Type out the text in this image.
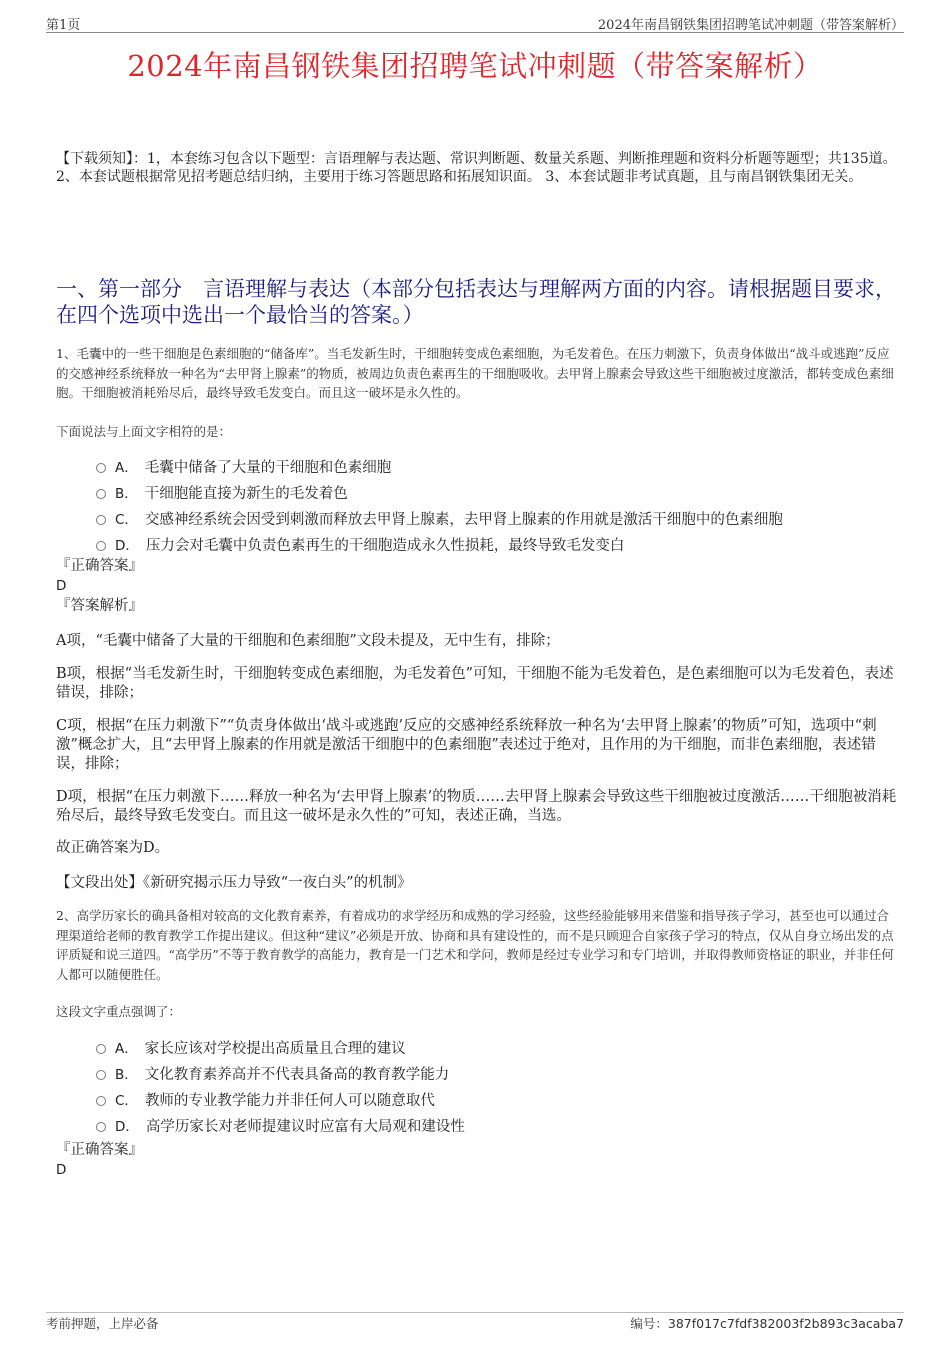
第1页	2024年南昌钢铁集团招聘笔试冲刺题（带答案解析）
2024年南昌钢铁集团招聘笔试冲刺题（带答案解析）
【下载须知】：1，本套练习包含以下题型：言语理解与表达题、常识判断题、数量关系题、判断推理题和资料分析题等题型；共135道。 2、本套试题根据常见招考题总结归纳，主要用于练习答题思路和拓展知识面。 3、本套试题非考试真题，且与南昌钢铁集团无关。
一、第一部分　言语理解与表达（本部分包括表达与理解两方面的内容。请根据题目要求，在四个选项中选出一个最恰当的答案。）
1、毛囊中的一些干细胞是色素细胞的“储备库”。当毛发新生时，干细胞转变成色素细胞，为毛发着色。在压力刺激下，负责身体做出“战斗或逃跑”反应的交感神经系统释放一种名为“去甲肾上腺素”的物质，被周边负责色素再生的干细胞吸收。去甲肾上腺素会导致这些干细胞被过度激活，都转变成色素细胞。干细胞被消耗殆尽后，最终导致毛发变白。而且这一破坏是永久性的。
下面说法与上面文字相符的是：
A． 毛囊中储备了大量的干细胞和色素细胞
B． 干细胞能直接为新生的毛发着色
C． 交感神经系统会因受到刺激而释放去甲肾上腺素，去甲肾上腺素的作用就是激活干细胞中的色素细胞
D． 压力会对毛囊中负责色素再生的干细胞造成永久性损耗，最终导致毛发变白
『正确答案』
D
『答案解析』
A项，“毛囊中储备了大量的干细胞和色素细胞”文段未提及，无中生有，排除；
B项，根据“当毛发新生时，干细胞转变成色素细胞，为毛发着色”可知，干细胞不能为毛发着色，是色素细胞可以为毛发着色，表述错误，排除；
C项，根据“在压力刺激下”“负责身体做出‘战斗或逃跑’反应的交感神经系统释放一种名为‘去甲肾上腺素’的物质”可知，选项中“刺激”概念扩大，且“去甲肾上腺素的作用就是激活干细胞中的色素细胞”表述过于绝对，且作用的为干细胞，而非色素细胞，表述错误，排除；
D项，根据“在压力刺激下……释放一种名为‘去甲肾上腺素’的物质……去甲肾上腺素会导致这些干细胞被过度激活……干细胞被消耗殆尽后，最终导致毛发变白。而且这一破坏是永久性的”可知，表述正确，当选。
故正确答案为D。
【文段出处】《新研究揭示压力导致“一夜白头”的机制》
2、高学历家长的确具备相对较高的文化教育素养，有着成功的求学经历和成熟的学习经验，这些经验能够用来借鉴和指导孩子学习，甚至也可以通过合理渠道给老师的教育教学工作提出建议。但这种“建议”必须是开放、协商和具有建设性的，而不是只顾迎合自家孩子学习的特点，仅从自身立场出发的点评质疑和说三道四。“高学历”不等于教育教学的高能力，教育是一门艺术和学问，教师是经过专业学习和专门培训，并取得教师资格证的职业，并非任何人都可以随便胜任。
这段文字重点强调了：
A． 家长应该对学校提出高质量且合理的建议
B． 文化教育素养高并不代表具备高的教育教学能力
C． 教师的专业教学能力并非任何人可以随意取代
D． 高学历家长对老师提建议时应富有大局观和建设性
『正确答案』
D
考前押题，上岸必备	编号：387f017c7fdf382003f2b893c3acaba7
